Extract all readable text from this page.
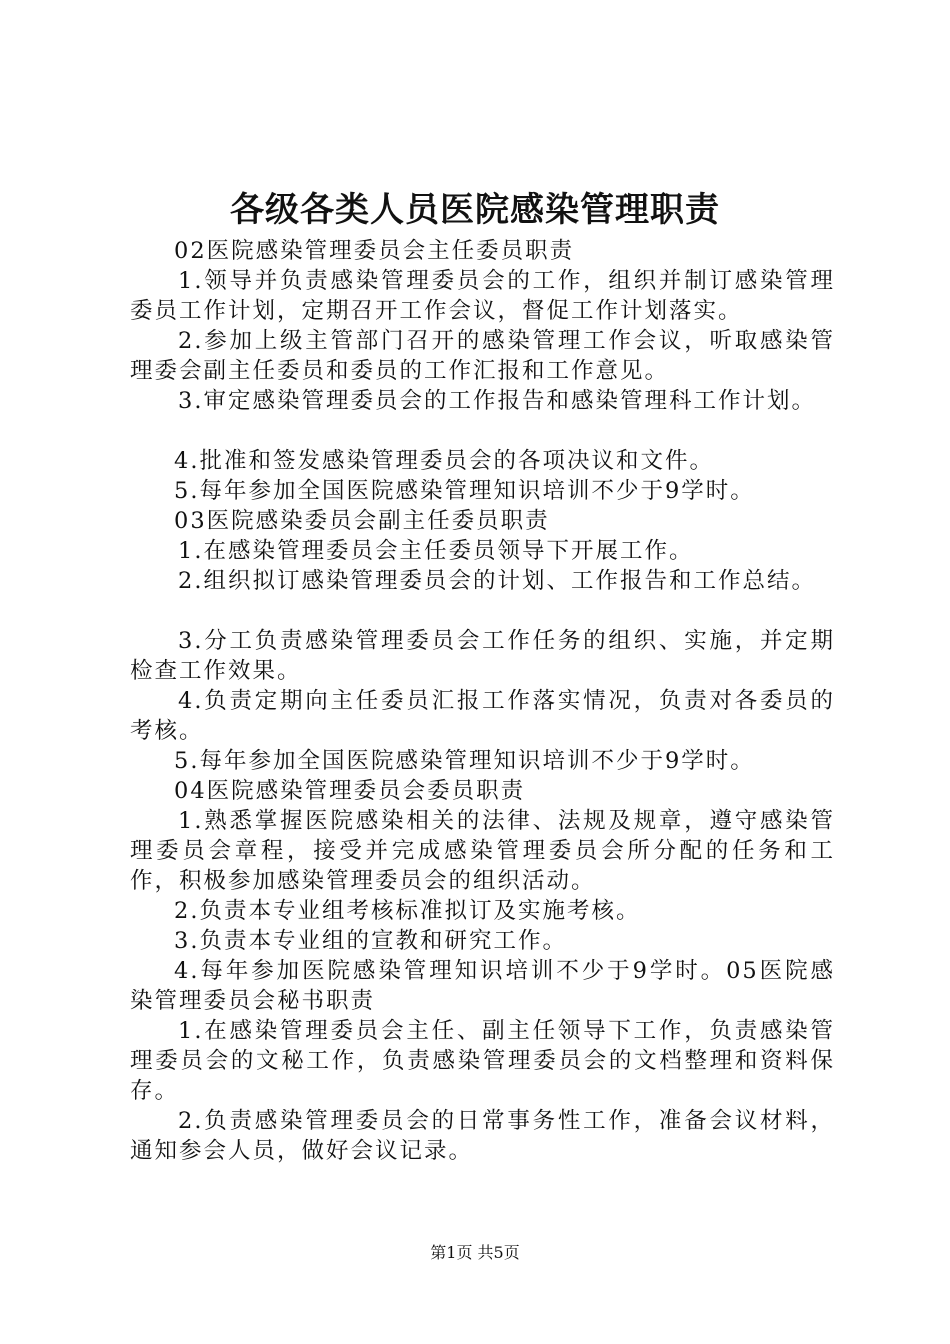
各级各类人员医院感染管理职责

02医院感染管理委员会主任委员职责

1.领导并负责感染管理委员会的工作，组织并制订感染管理委员工作计划，定期召开工作会议，督促工作计划落实。

2.参加上级主管部门召开的感染管理工作会议，听取感染管理委会副主任委员和委员的工作汇报和工作意见。

3.审定感染管理委员会的工作报告和感染管理科工作计划。

4.批准和签发感染管理委员会的各项决议和文件。

5.每年参加全国医院感染管理知识培训不少于9学时。

03医院感染委员会副主任委员职责

1.在感染管理委员会主任委员领导下开展工作。

2.组织拟订感染管理委员会的计划、工作报告和工作总结。

3.分工负责感染管理委员会工作任务的组织、实施，并定期检查工作效果。

4.负责定期向主任委员汇报工作落实情况，负责对各委员的考核。

5.每年参加全国医院感染管理知识培训不少于9学时。

04医院感染管理委员会委员职责

1.熟悉掌握医院感染相关的法律、法规及规章，遵守感染管理委员会章程，接受并完成感染管理委员会所分配的任务和工作，积极参加感染管理委员会的组织活动。

2.负责本专业组考核标准拟订及实施考核。

3.负责本专业组的宣教和研究工作。

4.每年参加医院感染管理知识培训不少于9学时。05医院感染管理委员会秘书职责

1.在感染管理委员会主任、副主任领导下工作，负责感染管理委员会的文秘工作，负责感染管理委员会的文档整理和资料保存。

2.负责感染管理委员会的日常事务性工作，准备会议材料，通知参会人员，做好会议记录。

第1页 共5页
